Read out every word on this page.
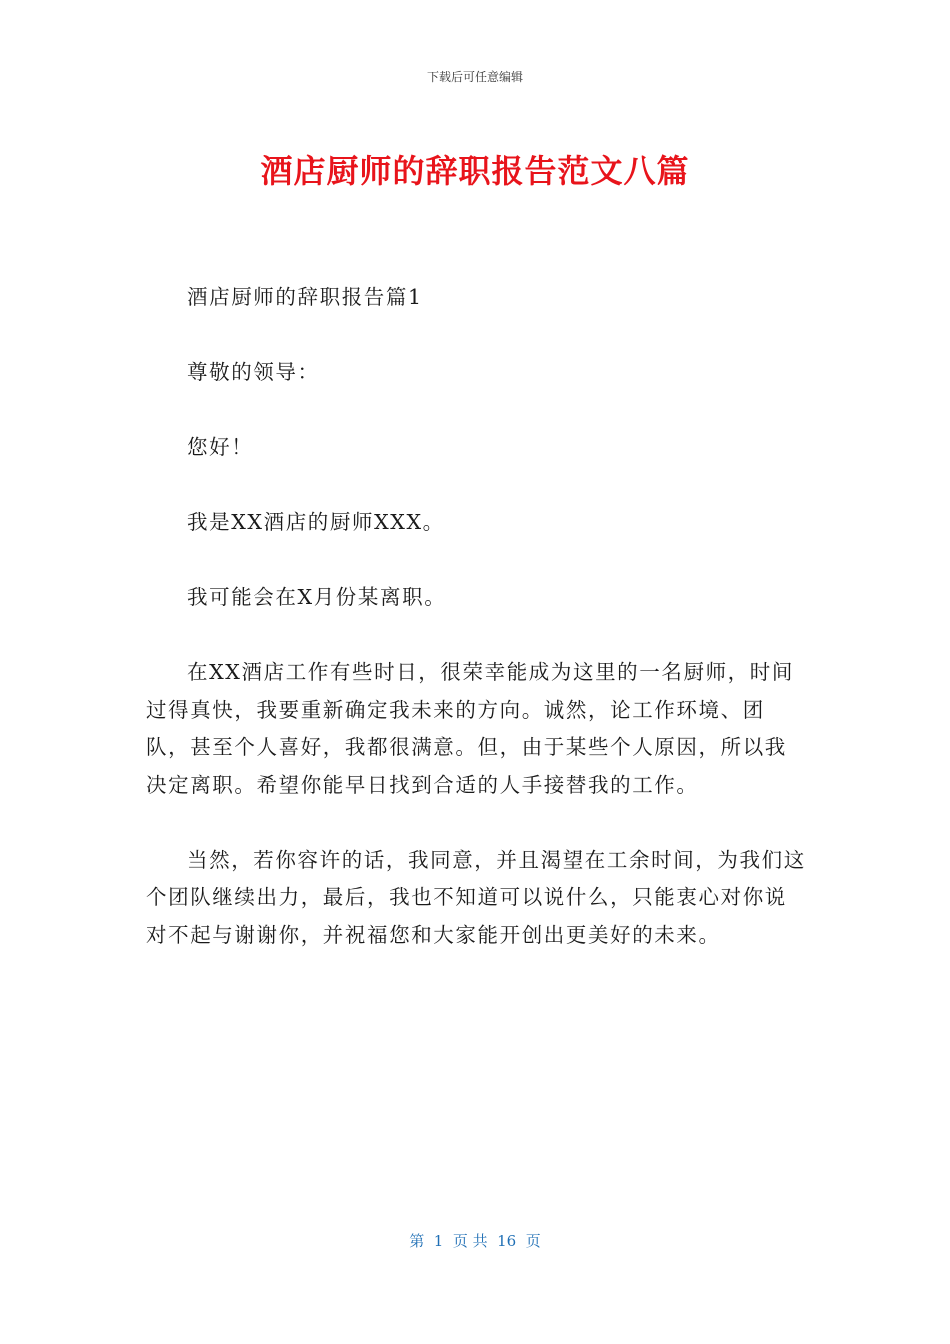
下载后可任意编辑
酒店厨师的辞职报告范文八篇

酒店厨师的辞职报告篇1

尊敬的领导：

您好！

我是XX酒店的厨师XXX。

我可能会在X月份某离职。

在XX酒店工作有些时日，很荣幸能成为这里的一名厨师，时间过得真快，我要重新确定我未来的方向。诚然，论工作环境、团队，甚至个人喜好，我都很满意。但，由于某些个人原因，所以我决定离职。希望你能早日找到合适的人手接替我的工作。

当然，若你容许的话，我同意，并且渴望在工余时间，为我们这个团队继续出力，最后，我也不知道可以说什么，只能衷心对你说对不起与谢谢你，并祝福您和大家能开创出更美好的未来。

第  1  页 共  16  页
